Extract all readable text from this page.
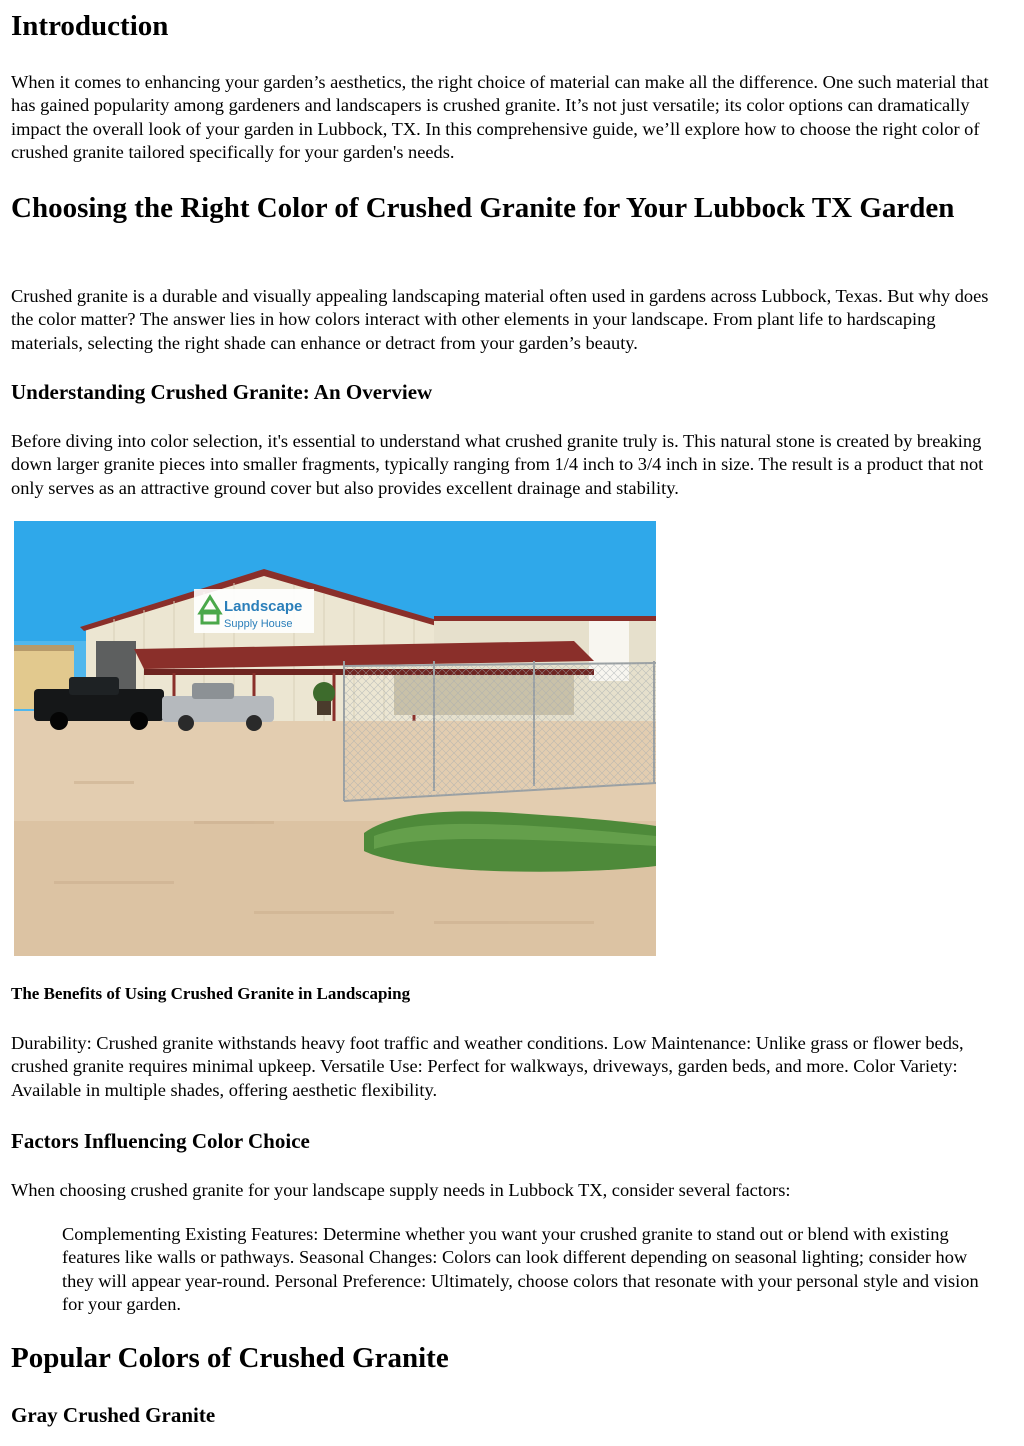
Introduction

When it comes to enhancing your garden’s aesthetics, the right choice of material can make all the difference. One such material that has gained popularity among gardeners and landscapers is crushed granite. It’s not just versatile; its color options can dramatically impact the overall look of your garden in Lubbock, TX. In this comprehensive guide, we’ll explore how to choose the right color of crushed granite tailored specifically for your garden's needs.

Choosing the Right Color of Crushed Granite for Your Lubbock TX Garden

Crushed granite is a durable and visually appealing landscaping material often used in gardens across Lubbock, Texas. But why does the color matter? The answer lies in how colors interact with other elements in your landscape. From plant life to hardscaping materials, selecting the right shade can enhance or detract from your garden’s beauty.

Understanding Crushed Granite: An Overview

Before diving into color selection, it's essential to understand what crushed granite truly is. This natural stone is created by breaking down larger granite pieces into smaller fragments, typically ranging from 1/4 inch to 3/4 inch in size. The result is a product that not only serves as an attractive ground cover but also provides excellent drainage and stability.

Landscape
Supply House
The Benefits of Using Crushed Granite in Landscaping

Durability: Crushed granite withstands heavy foot traffic and weather conditions. Low Maintenance: Unlike grass or flower beds, crushed granite requires minimal upkeep. Versatile Use: Perfect for walkways, driveways, garden beds, and more. Color Variety: Available in multiple shades, offering aesthetic flexibility.

Factors Influencing Color Choice

When choosing crushed granite for your landscape supply needs in Lubbock TX, consider several factors:

Complementing Existing Features: Determine whether you want your crushed granite to stand out or blend with existing features like walls or pathways. Seasonal Changes: Colors can look different depending on seasonal lighting; consider how they will appear year-round. Personal Preference: Ultimately, choose colors that resonate with your personal style and vision for your garden.

Popular Colors of Crushed Granite
Gray Crushed Granite
